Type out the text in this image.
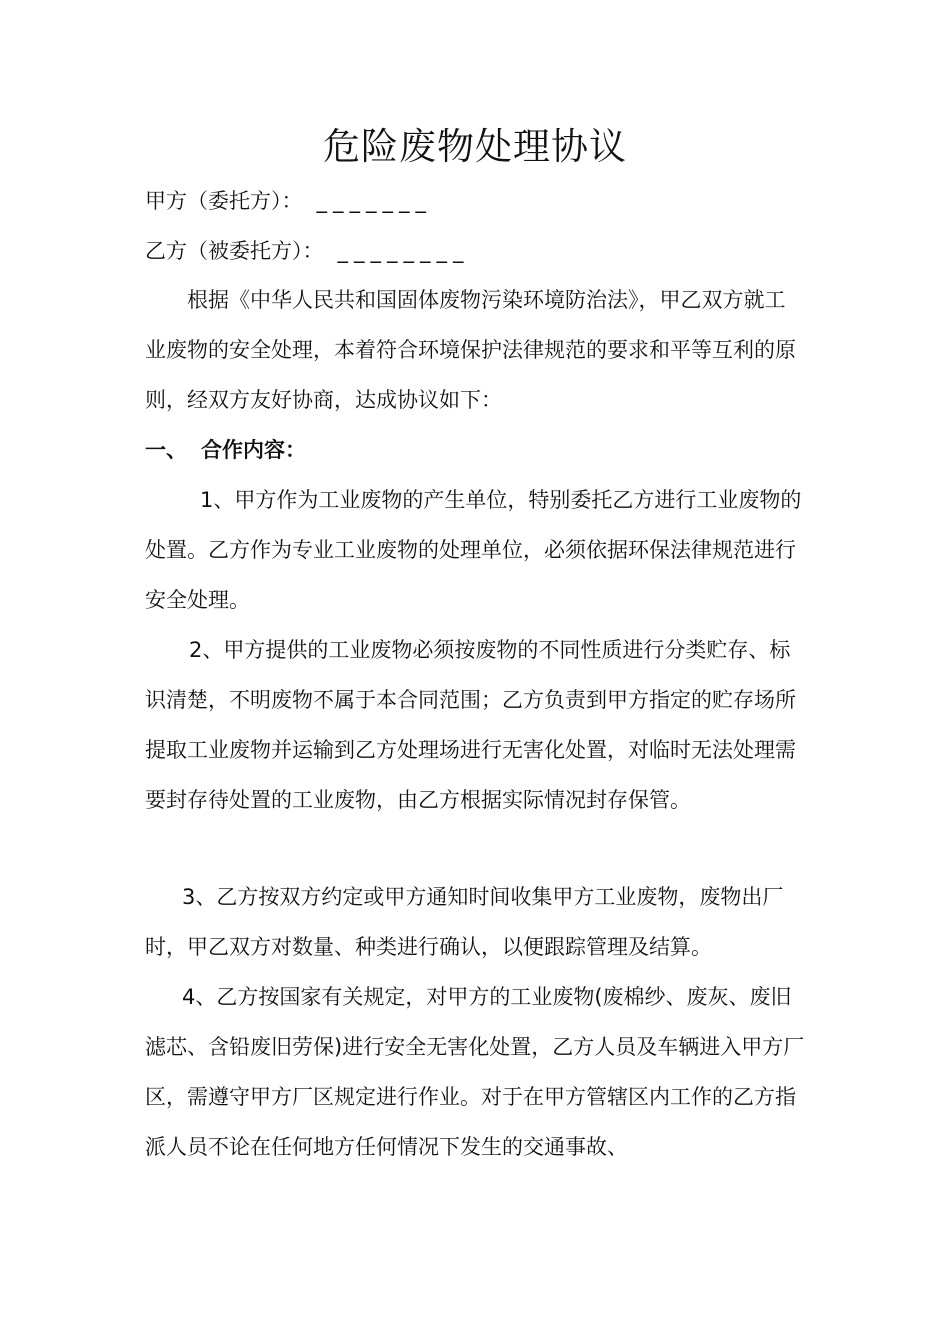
危险废物处理协议
甲方（委托方）： _______
乙方（被委托方）： ________

根据《中华人民共和国固体废物污染环境防治法》，甲乙双方就工业废物的安全处理，本着符合环境保护法律规范的要求和平等互利的原则，经双方友好协商，达成协议如下：

一、 合作内容：

1、甲方作为工业废物的产生单位，特别委托乙方进行工业废物的处置。乙方作为专业工业废物的处理单位，必须依据环保法律规范进行安全处理。

2、甲方提供的工业废物必须按废物的不同性质进行分类贮存、标识清楚，不明废物不属于本合同范围；乙方负责到甲方指定的贮存场所提取工业废物并运输到乙方处理场进行无害化处置，对临时无法处理需要封存待处置的工业废物，由乙方根据实际情况封存保管。

3、乙方按双方约定或甲方通知时间收集甲方工业废物，废物出厂时，甲乙双方对数量、种类进行确认，以便跟踪管理及结算。

4、乙方按国家有关规定，对甲方的工业废物(废棉纱、废灰、废旧滤芯、含铅废旧劳保)进行安全无害化处置，乙方人员及车辆进入甲方厂区，需遵守甲方厂区规定进行作业。对于在甲方管辖区内工作的乙方指派人员不论在任何地方任何情况下发生的交通事故、
